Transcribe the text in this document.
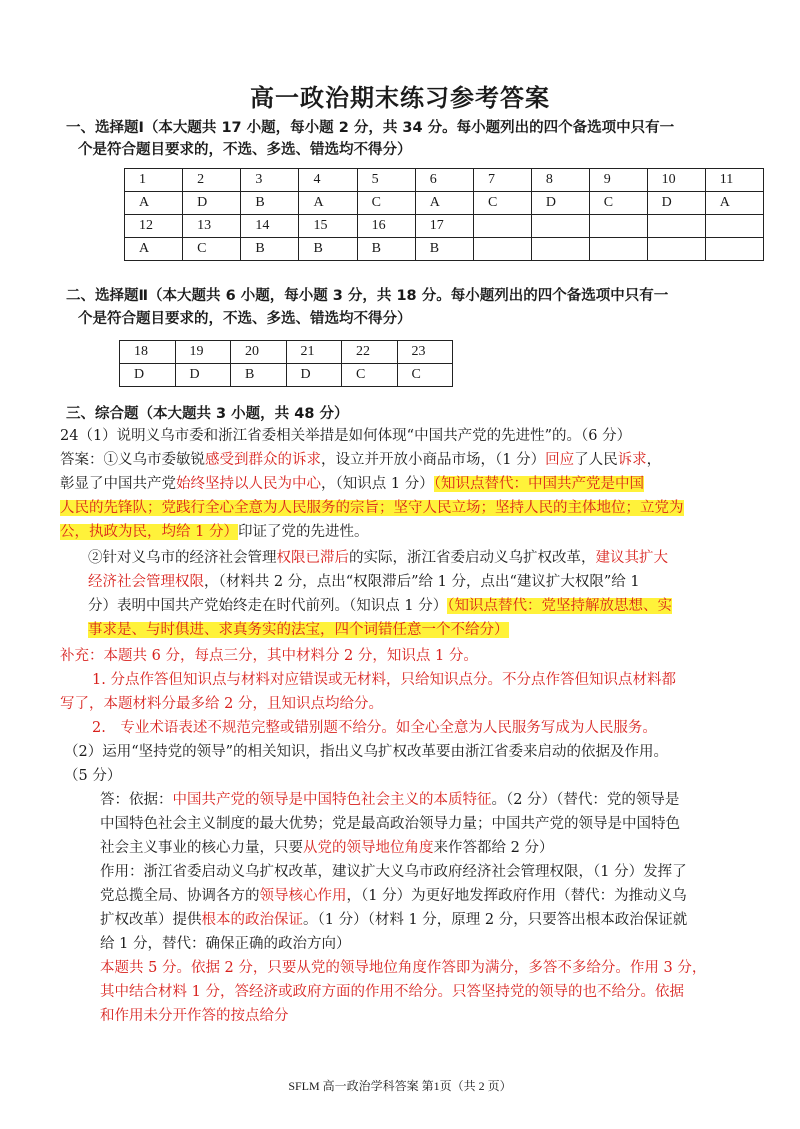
高一政治期末练习参考答案
一、选择题Ⅰ（本大题共 17 小题，每小题 2 分，共 34 分。每小题列出的四个备选项中只有一
个是符合题目要求的，不选、多选、错选均不得分）
1	2	3	4	5	6	7	8	9	10	11
A	D	B	A	C	A	C	D	C	D	A
12	13	14	15	16	17					
A	C	B	B	B	B					
二、选择题Ⅱ（本大题共 6 小题，每小题 3 分，共 18 分。每小题列出的四个备选项中只有一
个是符合题目要求的，不选、多选、错选均不得分）
18	19	20	21	22	23
D	D	B	D	C	C
三、综合题（本大题共 3 小题，共 48 分）
24（1）说明义乌市委和浙江省委相关举措是如何体现“中国共产党的先进性”的。（6 分）
答案：①义乌市委敏锐感受到群众的诉求，设立并开放小商品市场，（1 分）回应了人民诉求，
彰显了中国共产党始终坚持以人民为中心，（知识点 1 分）（知识点替代：中国共产党是中国
人民的先锋队；党践行全心全意为人民服务的宗旨；坚守人民立场；坚持人民的主体地位；立党为
公，执政为民，均给 1 分）印证了党的先进性。
②针对义乌市的经济社会管理权限已滞后的实际，浙江省委启动义乌扩权改革，建议其扩大
经济社会管理权限，（材料共 2 分，点出“权限滞后”给 1 分，点出“建议扩大权限”给 1
分）表明中国共产党始终走在时代前列。（知识点 1 分）（知识点替代：党坚持解放思想、实
事求是、与时俱进、求真务实的法宝，四个词错任意一个不给分）
补充：本题共 6 分，每点三分，其中材料分 2 分，知识点 1 分。
1. 分点作答但知识点与材料对应错误或无材料，只给知识点分。不分点作答但知识点材料都
写了，本题材料分最多给 2 分，且知识点均给分。
2.　专业术语表述不规范完整或错别题不给分。如全心全意为人民服务写成为人民服务。
（2）运用“坚持党的领导”的相关知识，指出义乌扩权改革要由浙江省委来启动的依据及作用。
（5 分）
答：依据：中国共产党的领导是中国特色社会主义的本质特征。（2 分）（替代：党的领导是
中国特色社会主义制度的最大优势；党是最高政治领导力量；中国共产党的领导是中国特色
社会主义事业的核心力量，只要从党的领导地位角度来作答都给 2 分）
作用：浙江省委启动义乌扩权改革，建议扩大义乌市政府经济社会管理权限，（1 分）发挥了
党总揽全局、协调各方的领导核心作用，（1 分）为更好地发挥政府作用（替代：为推动义乌
扩权改革）提供根本的政治保证。（1 分）（材料 1 分，原理 2 分，只要答出根本政治保证就
给 1 分，替代：确保正确的政治方向）
本题共 5 分。依据 2 分，只要从党的领导地位角度作答即为满分，多答不多给分。作用 3 分，
其中结合材料 1 分，答经济或政府方面的作用不给分。只答坚持党的领导的也不给分。依据
和作用未分开作答的按点给分
SFLM 高一政治学科答案 第1页（共 2 页）
